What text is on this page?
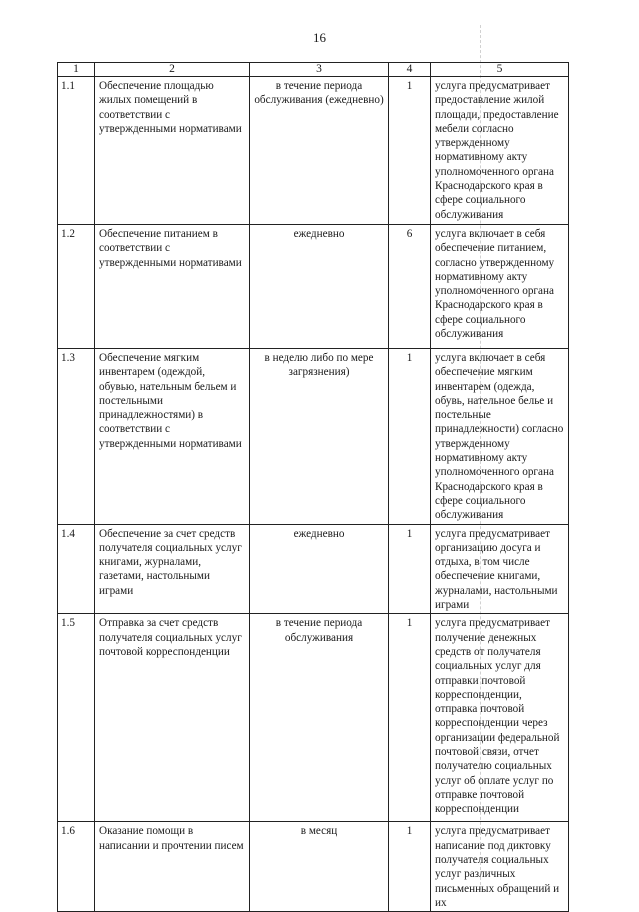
16
1	2	3	4	5
1.1	Обеспечение площадью жилых помещений в соответствии с утвержденными нормативами	в течение периода обслуживания (ежедневно)	1	услуга предусматривает предоставление жилой площади, предоставление мебели согласно утвержденному нормативному акту уполномоченного органа Краснодарского края в сфере социального обслуживания
1.2	Обеспечение питанием в соответствии с утвержденными нормативами	ежедневно	6	услуга включает в себя обеспечение питанием, согласно утвержденному нормативному акту уполномоченного органа Краснодарского края в сфере социального обслуживания
1.3	Обеспечение мягким инвентарем (одеждой, обувью, нательным бельем и постельными принадлежностями) в соответствии с утвержденными нормативами	в неделю либо по мере загрязнения)	1	услуга включает в себя обеспечение мягким инвентарем (одежда, обувь, нательное белье и постельные принадлежности) согласно утвержденному нормативному акту уполномоченного органа Краснодарского края в сфере социального обслуживания
1.4	Обеспечение за счет средств получателя социальных услуг книгами, журналами, газетами, настольными играми	ежедневно	1	услуга предусматривает организацию досуга и отдыха, в том числе обеспечение книгами, журналами, настольными играми
1.5	Отправка за счет средств получателя социальных услуг почтовой корреспонденции	в течение периода обслуживания	1	услуга предусматривает получение денежных средств от получателя социальных услуг для отправки почтовой корреспонденции, отправка почтовой корреспонденции через организации федеральной почтовой связи, отчет получателю социальных услуг об оплате услуг по отправке почтовой корреспонденции
1.6	Оказание помощи в написании и прочтении писем	в месяц	1	услуга предусматривает написание под диктовку получателя социальных услуг различных письменных обращений и их
